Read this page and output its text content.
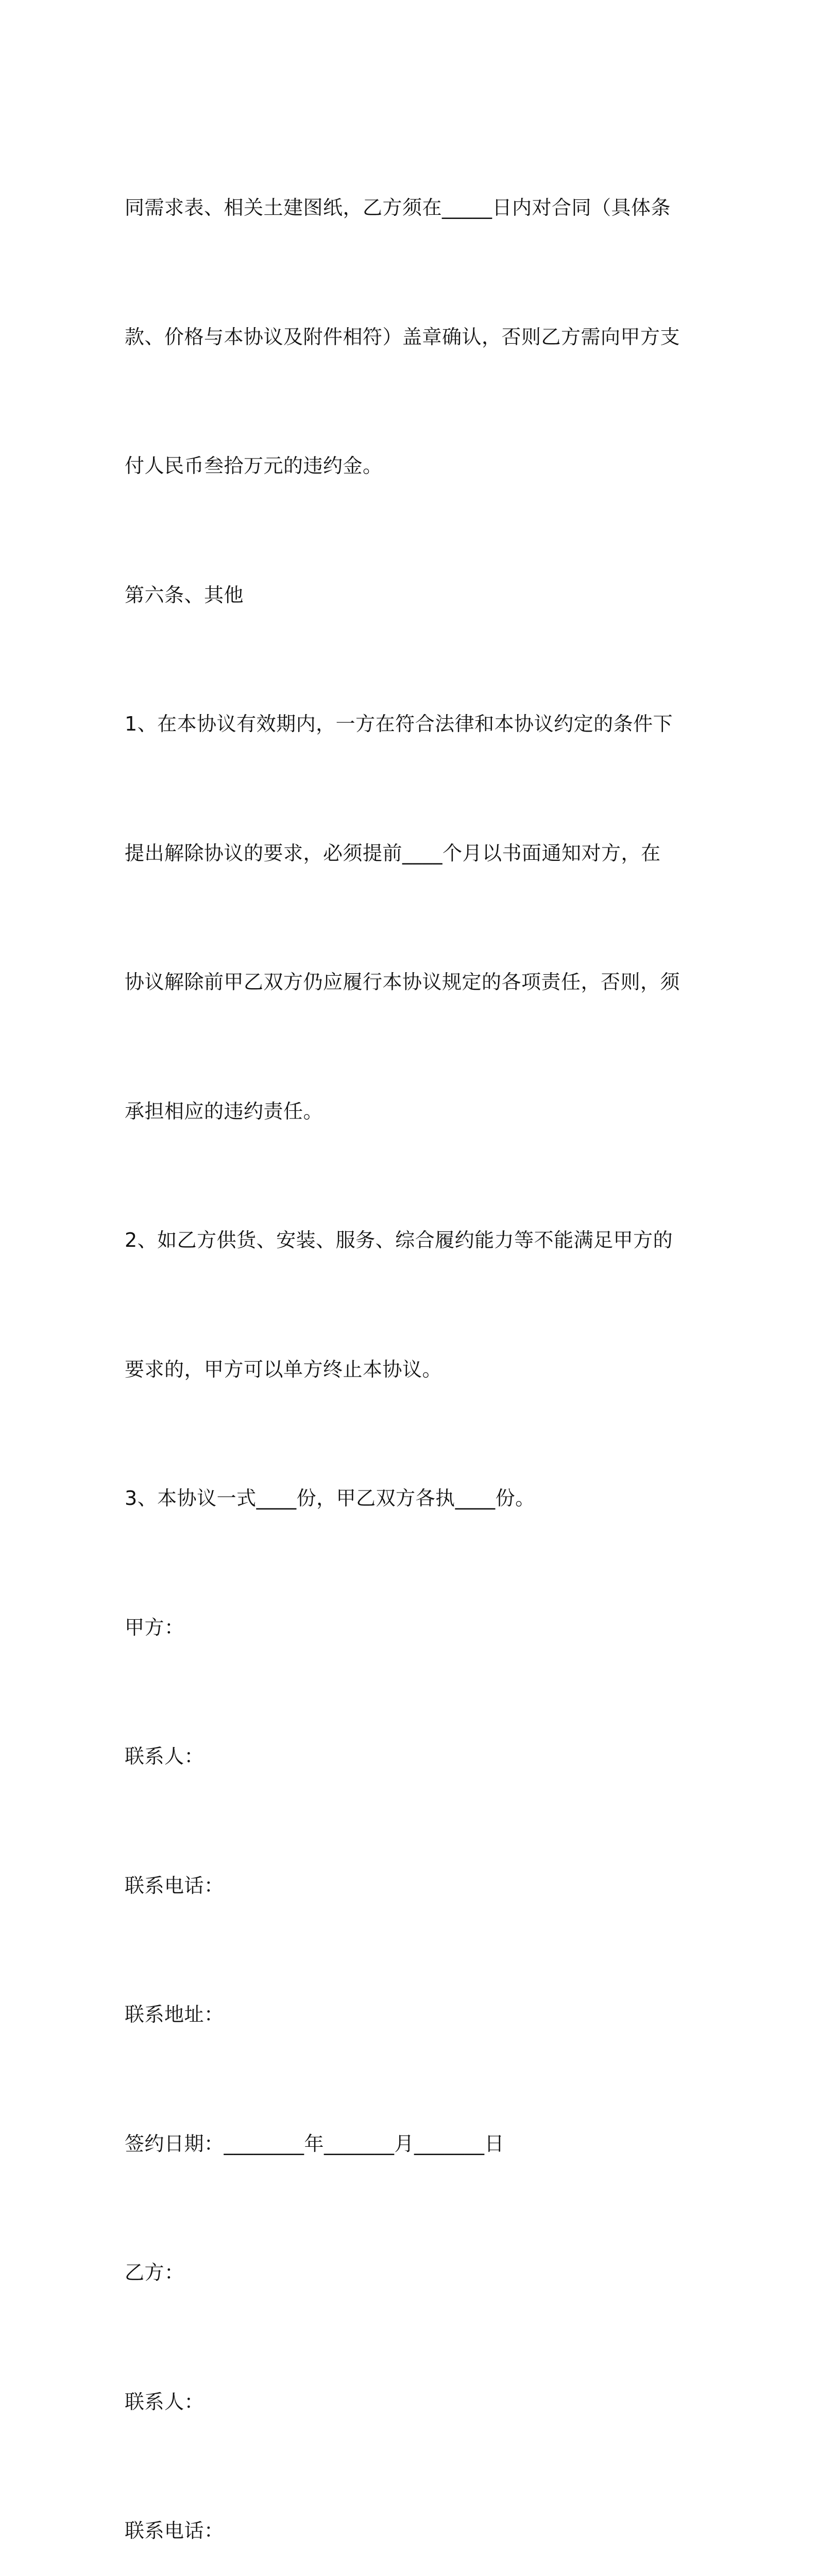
同需求表、相关土建图纸，乙方须在_____日内对合同（具体条

款、价格与本协议及附件相符）盖章确认，否则乙方需向甲方支

付人民币叁拾万元的违约金。

第六条、其他

1、在本协议有效期内，一方在符合法律和本协议约定的条件下

提出解除协议的要求，必须提前____个月以书面通知对方，在

协议解除前甲乙双方仍应履行本协议规定的各项责任，否则，须

承担相应的违约责任。

2、如乙方供货、安装、服务、综合履约能力等不能满足甲方的

要求的，甲方可以单方终止本协议。

3、本协议一式____份，甲乙双方各执____份。

甲方：

联系人：

联系电话：

联系地址：

签约日期：________年_______月_______日

乙方：

联系人：

联系电话：
